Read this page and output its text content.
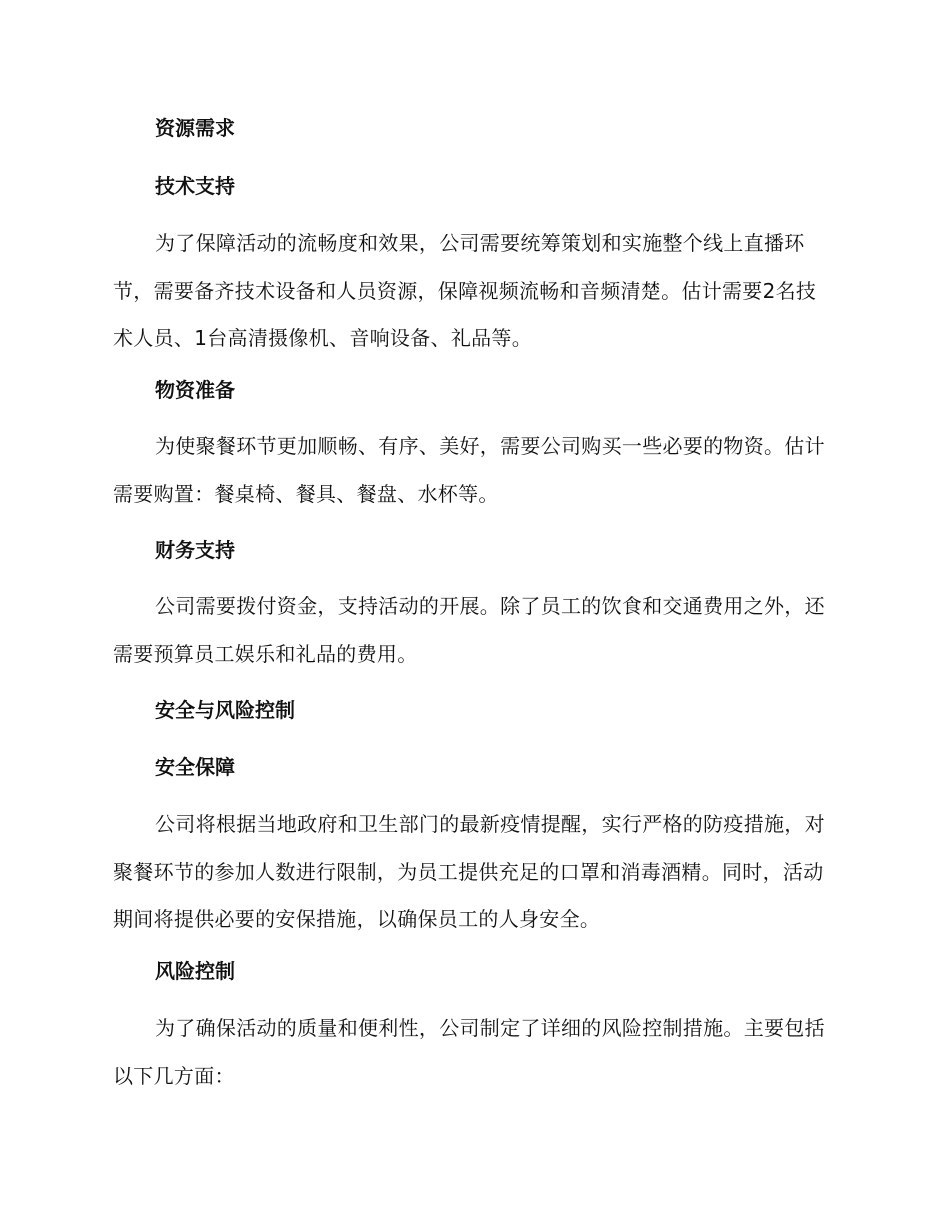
资源需求
技术支持

为了保障活动的流畅度和效果，公司需要统筹策划和实施整个线上直播环节，需要备齐技术设备和人员资源，保障视频流畅和音频清楚。估计需要2名技术人员、1台高清摄像机、音响设备、礼品等。

物资准备

为使聚餐环节更加顺畅、有序、美好，需要公司购买一些必要的物资。估计需要购置：餐桌椅、餐具、餐盘、水杯等。

财务支持

公司需要拨付资金，支持活动的开展。除了员工的饮食和交通费用之外，还需要预算员工娱乐和礼品的费用。

安全与风险控制
安全保障

公司将根据当地政府和卫生部门的最新疫情提醒，实行严格的防疫措施，对聚餐环节的参加人数进行限制，为员工提供充足的口罩和消毒酒精。同时，活动期间将提供必要的安保措施，以确保员工的人身安全。

风险控制

为了确保活动的质量和便利性，公司制定了详细的风险控制措施。主要包括以下几方面：
